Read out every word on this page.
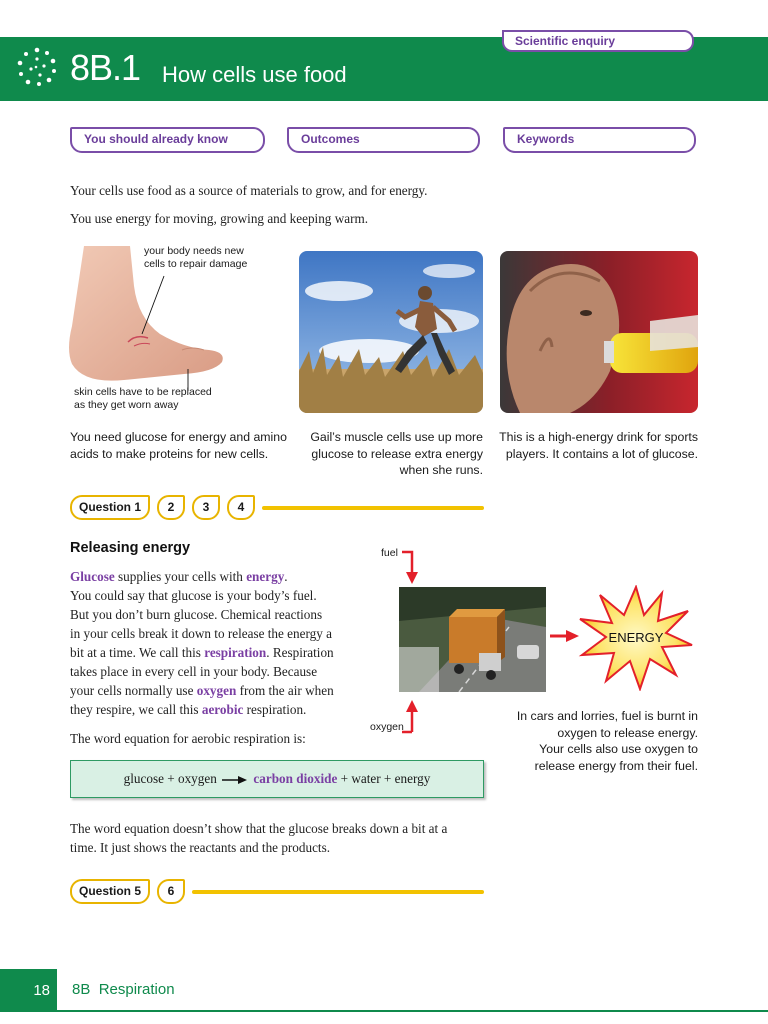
8B.1 How cells use food
Scientific enquiry
You should already know	Outcomes	Keywords
Your cells use food as a source of materials to grow, and for energy.
You use energy for moving, growing and keeping warm.
your body needs new
cells to repair damage
skin cells have to be replaced
as they get worn away
You need glucose for energy and amino
acids to make proteins for new cells.
Gail’s muscle cells use up more
glucose to release extra energy
when she runs.
This is a high-energy drink for sports
players. It contains a lot of glucose.
Question 1	2	3	4
Releasing energy
Glucose supplies your cells with energy.
You could say that glucose is your body’s fuel.
But you don’t burn glucose. Chemical reactions
in your cells break it down to release the energy a
bit at a time. We call this respiration. Respiration
takes place in every cell in your body. Because
your cells normally use oxygen from the air when
they respire, we call this aerobic respiration.
The word equation for aerobic respiration is:
glucose + oxygen	carbon dioxide + water + energy
The word equation doesn’t show that the glucose breaks down a bit at a
time. It just shows the reactants and the products.
fuel
oxygen
ENERGY
In cars and lorries, fuel is burnt in
oxygen to release energy.
Your cells also use oxygen to
release energy from their fuel.
Question 5	6
18	8B Respiration
